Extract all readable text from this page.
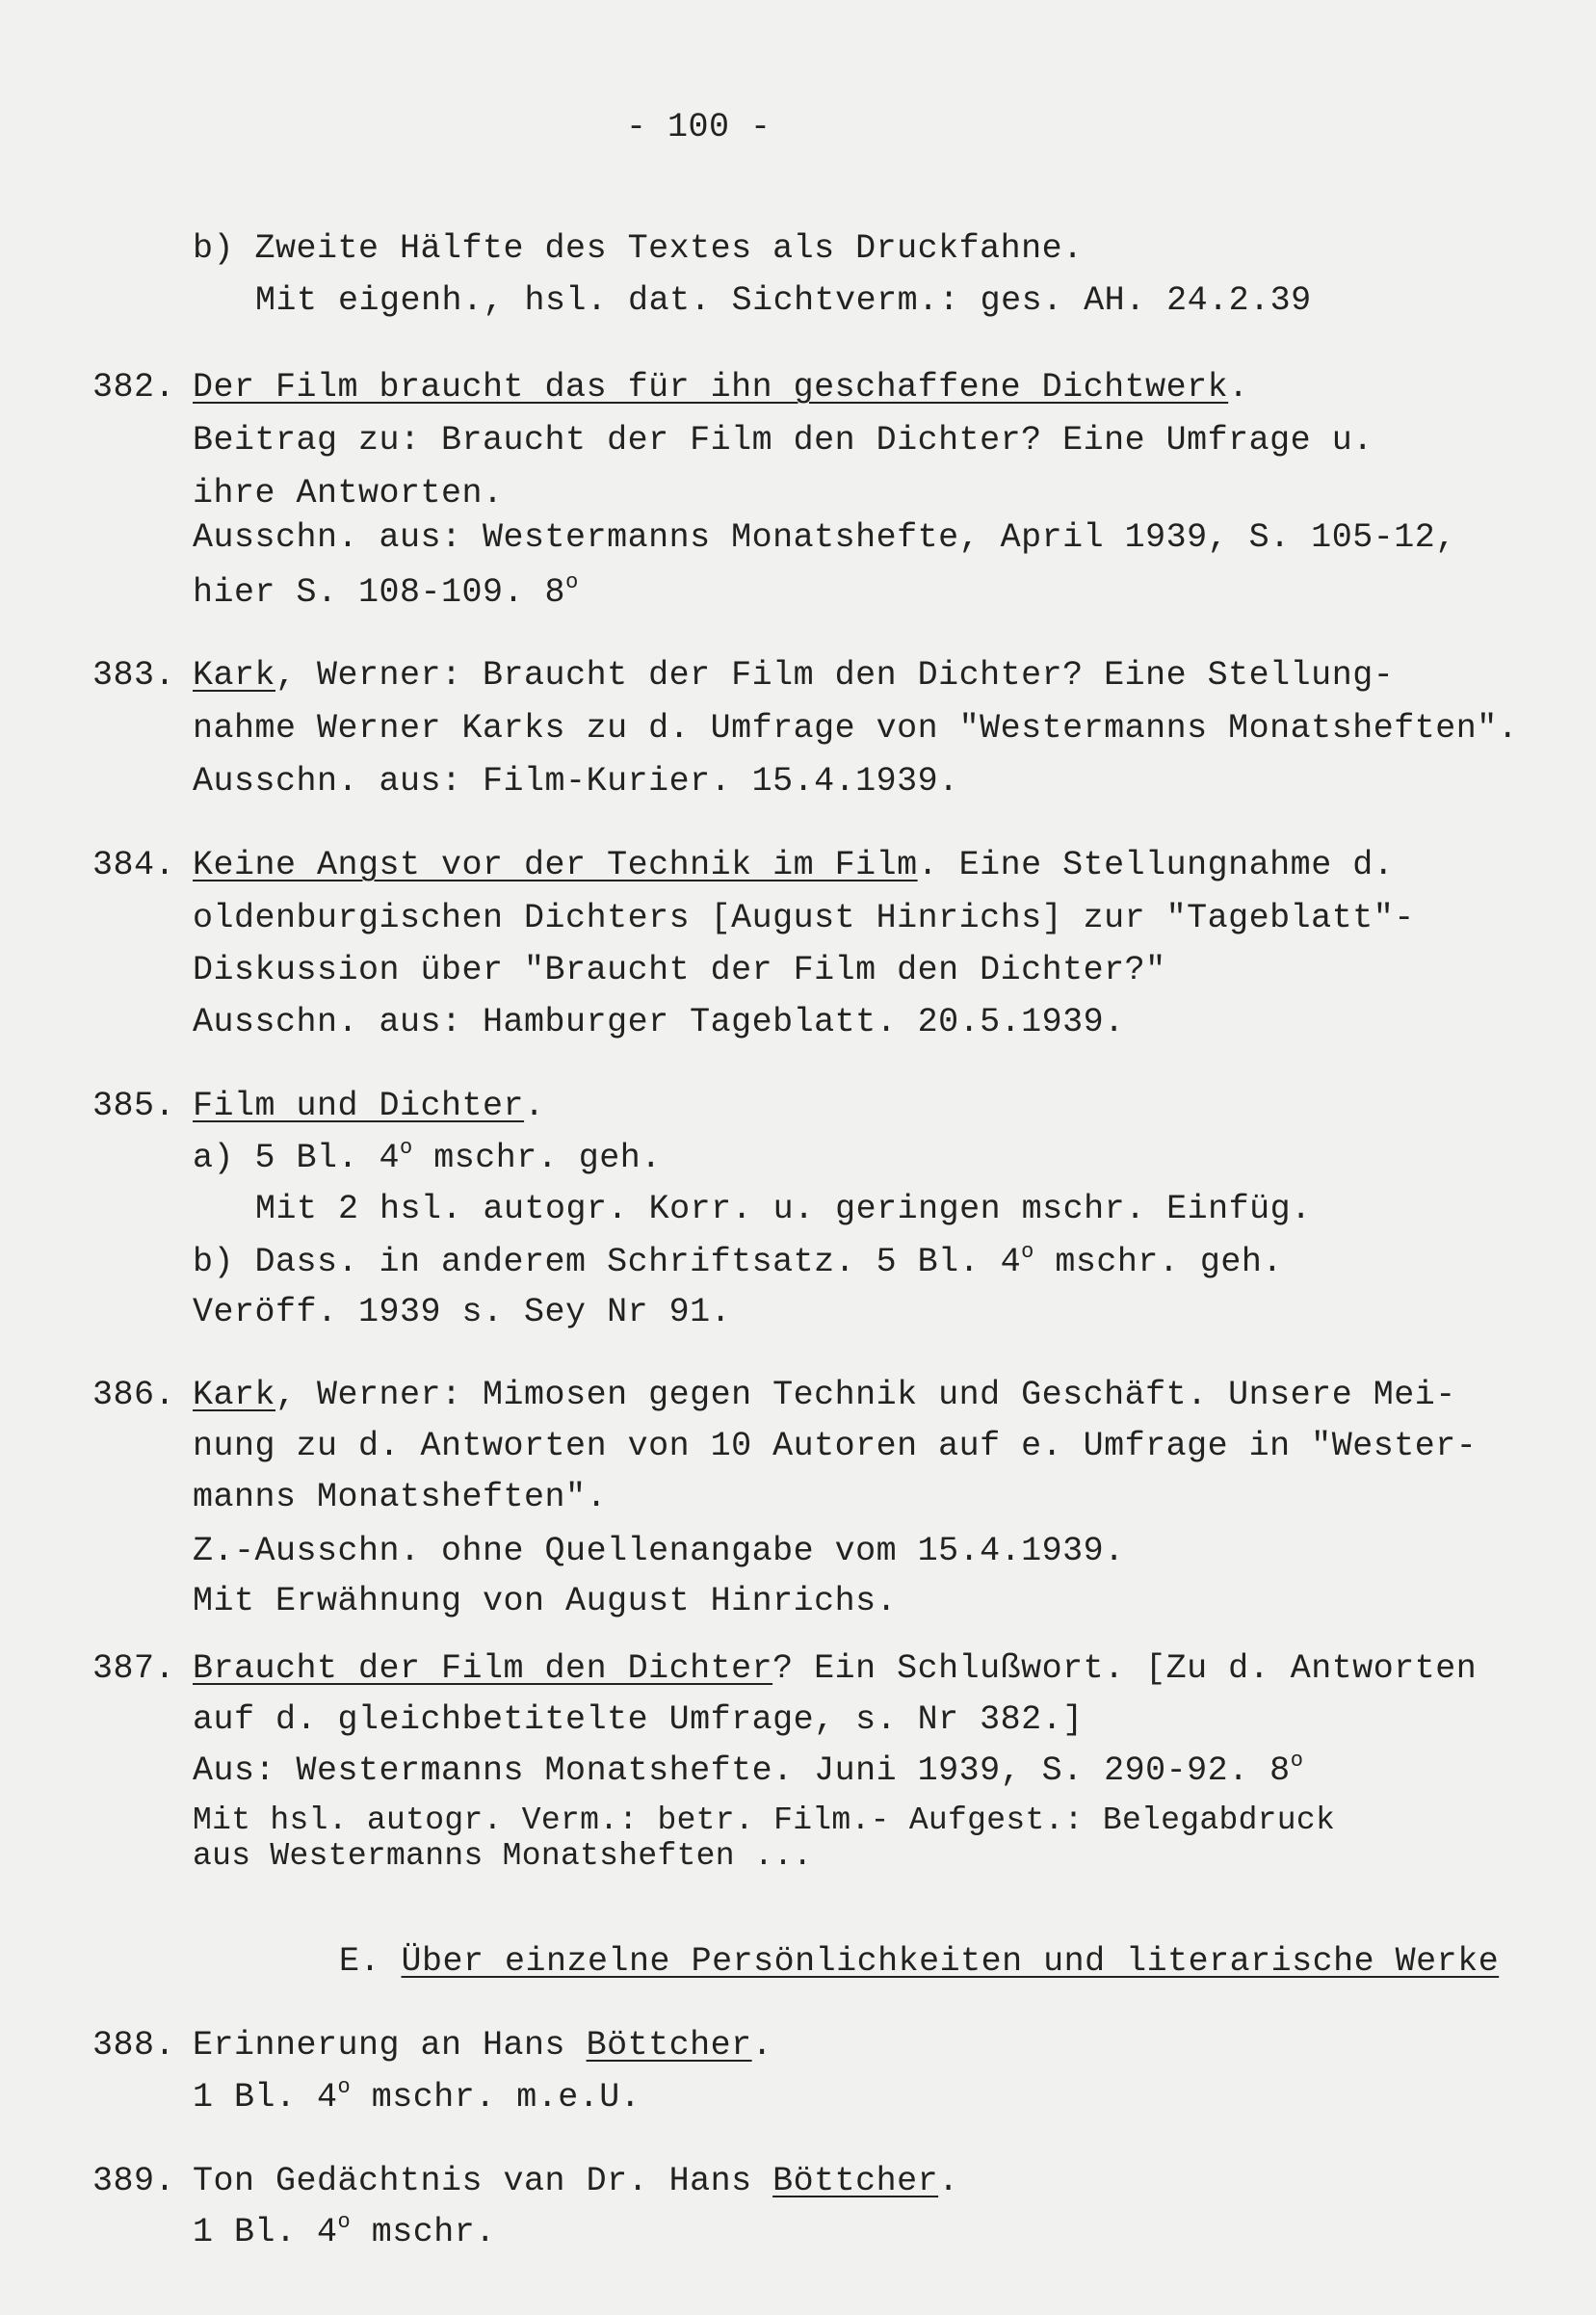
- 100 -
b) Zweite Hälfte des Textes als Druckfahne.
Mit eigenh., hsl. dat. Sichtverm.: ges. AH. 24.2.39
382. Der Film braucht das für ihn geschaffene Dichtwerk.
Beitrag zu: Braucht der Film den Dichter? Eine Umfrage u.
ihre Antworten.
Ausschn. aus: Westermanns Monatshefte, April 1939, S. 105-12,
hier S. 108-109. 8$^o$
383. Kark, Werner: Braucht der Film den Dichter? Eine Stellung-
nahme Werner Karks zu d. Umfrage von "Westermanns Monatsheften".
Ausschn. aus: Film-Kurier. 15.4.1939.
384. Keine Angst vor der Technik im Film. Eine Stellungnahme d.
oldenburgischen Dichters [August Hinrichs] zur "Tageblatt"-
Diskussion über "Braucht der Film den Dichter?"
Ausschn. aus: Hamburger Tageblatt. 20.5.1939.
385. Film und Dichter.
a) 5 Bl. 4$^o$ mschr. geh.
Mit 2 hsl. autogr. Korr. u. geringen mschr. Einfüg.
b) Dass. in anderem Schriftsatz. 5 Bl. 4$^o$ mschr. geh.
Veröff. 1939 s. Sey Nr 91.
386. Kark, Werner: Mimosen gegen Technik und Geschäft. Unsere Mei-
nung zu d. Antworten von 10 Autoren auf e. Umfrage in "Wester-
manns Monatsheften".
Z.-Ausschn. ohne Quellenangabe vom 15.4.1939.
Mit Erwähnung von August Hinrichs.
387. Braucht der Film den Dichter? Ein Schlußwort. [Zu d. Antworten
auf d. gleichbetitelte Umfrage, s. Nr 382.]
Aus: Westermanns Monatshefte. Juni 1939, S. 290-92. 8$^o$
Mit hsl. autogr. Verm.: betr. Film.- Aufgest.: Belegabdruck
aus Westermanns Monatsheften ...
E. Über einzelne Persönlichkeiten und literarische Werke
388. Erinnerung an Hans Böttcher.
1 Bl. 4$^o$ mschr. m.e.U.
389. Ton Gedächtnis van Dr. Hans Böttcher.
1 Bl. 4$^o$ mschr.
